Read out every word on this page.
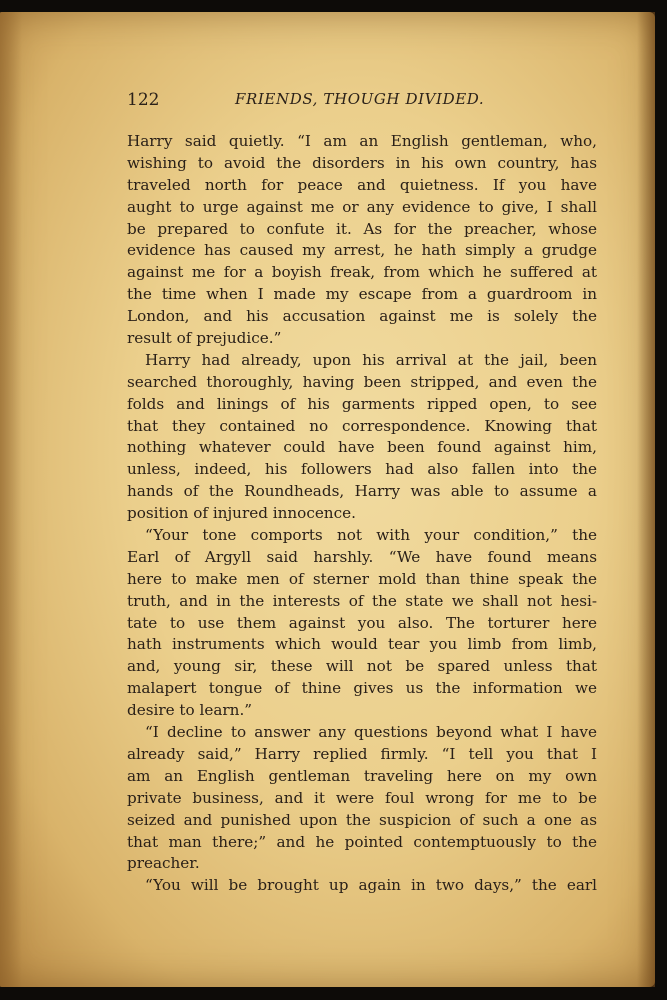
122	FRIENDS, THOUGH DIVIDED.
Harry said quietly. “I am an English gentleman, who,
wishing to avoid the disorders in his own country, has
traveled north for peace and quietness. If you have
aught to urge against me or any evidence to give, I shall
be prepared to confute it. As for the preacher, whose
evidence has caused my arrest, he hath simply a grudge
against me for a boyish freak, from which he suffered at
the time when I made my escape from a guardroom in
London, and his accusation against me is solely the
result of prejudice.”
Harry had already, upon his arrival at the jail, been
searched thoroughly, having been stripped, and even the
folds and linings of his garments ripped open, to see
that they contained no correspondence. Knowing that
nothing whatever could have been found against him,
unless, indeed, his followers had also fallen into the
hands of the Roundheads, Harry was able to assume a
position of injured innocence.
“Your tone comports not with your condition,” the
Earl of Argyll said harshly. “We have found means
here to make men of sterner mold than thine speak the
truth, and in the interests of the state we shall not hesi-
tate to use them against you also. The torturer here
hath instruments which would tear you limb from limb,
and, young sir, these will not be spared unless that
malapert tongue of thine gives us the information we
desire to learn.”
“I decline to answer any questions beyond what I have
already said,” Harry replied firmly. “I tell you that I
am an English gentleman traveling here on my own
private business, and it were foul wrong for me to be
seized and punished upon the suspicion of such a one as
that man there;” and he pointed contemptuously to the
preacher.
“You will be brought up again in two days,” the earl
